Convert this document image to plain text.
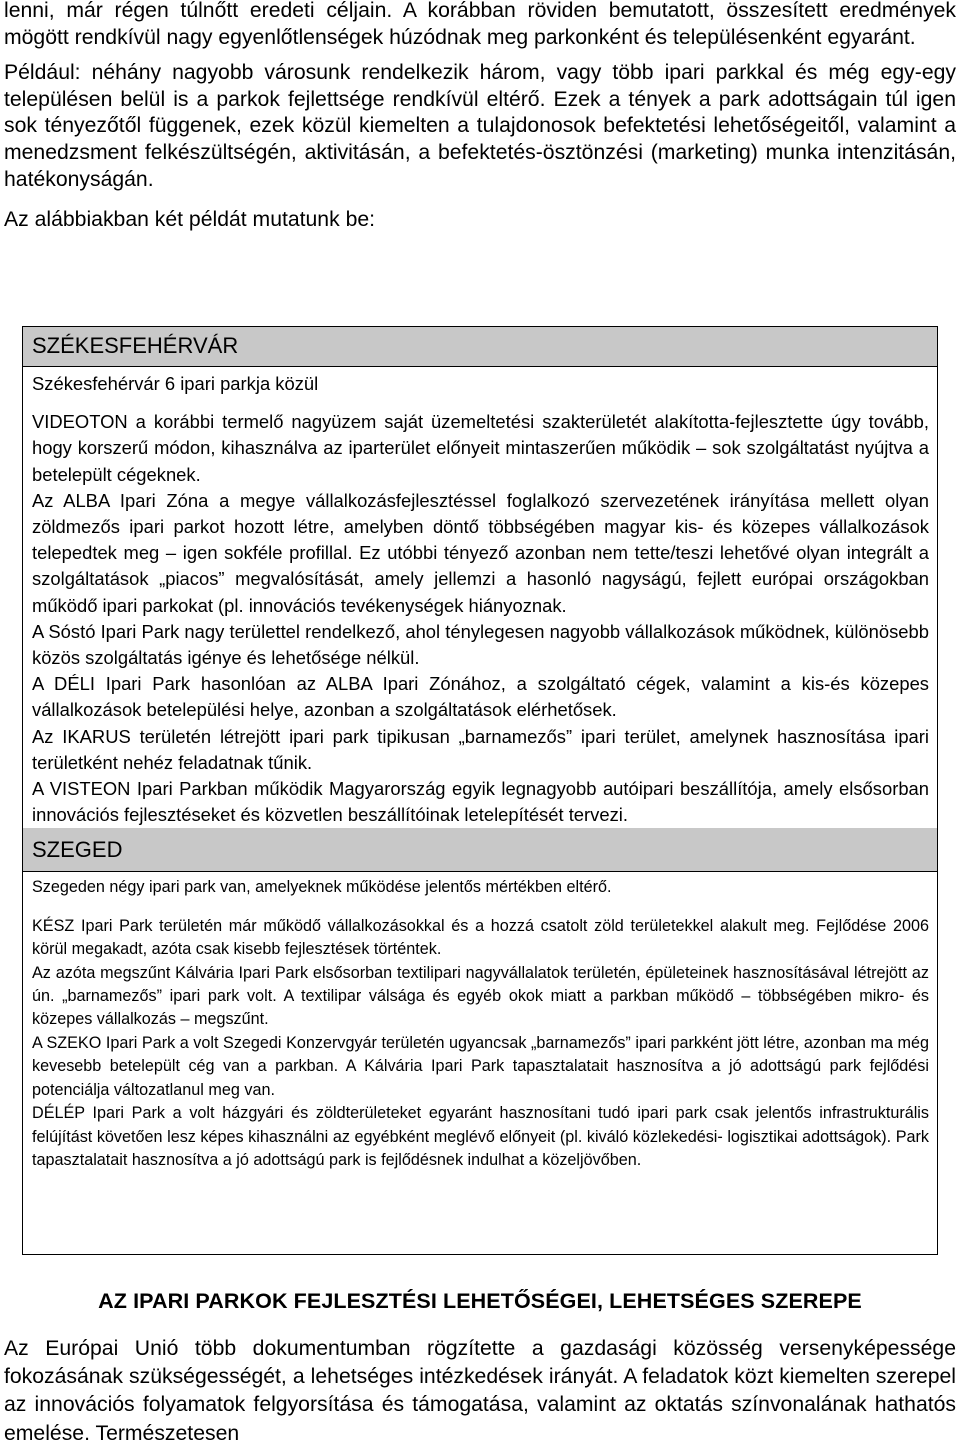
lenni, már régen túlnőtt eredeti céljain. A korábban röviden bemutatott, összesített eredmények mögött rendkívül nagy egyenlőtlenségek húzódnak meg parkonként és településenként egyaránt.

Például: néhány nagyobb városunk rendelkezik három, vagy több ipari parkkal és még egy-egy településen belül is a parkok fejlettsége rendkívül eltérő. Ezek a tények a park adottságain túl igen sok tényezőtől függenek, ezek közül kiemelten a tulajdonosok befektetési lehetőségeitől, valamint a menedzsment felkészültségén, aktivitásán, a befektetés-ösztönzési (marketing) munka intenzitásán, hatékonyságán.

Az alábbiakban két példát mutatunk be:

SZÉKESFEHÉRVÁR

Székesfehérvár 6 ipari parkja közül

VIDEOTON a korábbi termelő nagyüzem saját üzemeltetési szakterületét alakította-fejlesztette úgy tovább, hogy korszerű módon, kihasználva az iparterület előnyeit mintaszerűen működik – sok szolgáltatást nyújtva a betelepült cégeknek.

Az ALBA Ipari Zóna a megye vállalkozásfejlesztéssel foglalkozó szervezetének irányítása mellett olyan zöldmezős ipari parkot hozott létre, amelyben döntő többségében magyar kis- és közepes vállalkozások telepedtek meg – igen sokféle profillal. Ez utóbbi tényező azonban nem tette/teszi lehetővé olyan integrált a szolgáltatások „piacos” megvalósítását, amely jellemzi a hasonló nagyságú, fejlett európai országokban működő ipari parkokat (pl. innovációs tevékenységek hiányoznak.

A Sóstó Ipari Park nagy területtel rendelkező, ahol ténylegesen nagyobb vállalkozások működnek, különösebb közös szolgáltatás igénye és lehetősége nélkül.

A DÉLI Ipari Park hasonlóan az ALBA Ipari Zónához, a szolgáltató cégek, valamint a kis-és közepes vállalkozások betelepülési helye, azonban a szolgáltatások elérhetősek.

Az IKARUS területén létrejött ipari park tipikusan „barnamezős” ipari terület, amelynek hasznosítása ipari területként nehéz feladatnak tűnik.

A VISTEON Ipari Parkban működik Magyarország egyik legnagyobb autóipari beszállítója, amely elsősorban innovációs fejlesztéseket és közvetlen beszállítóinak letelepítését tervezi.

SZEGED

Szegeden négy ipari park van, amelyeknek működése jelentős mértékben eltérő.

KÉSZ Ipari Park területén már működő vállalkozásokkal és a hozzá csatolt zöld területekkel alakult meg. Fejlődése 2006 körül megakadt, azóta csak kisebb fejlesztések történtek.

Az azóta megszűnt Kálvária Ipari Park elsősorban textilipari nagyvállalatok területén, épületeinek hasznosításával létrejött az ún. „barnamezős” ipari park volt. A textilipar válsága és egyéb okok miatt a parkban működő – többségében mikro- és közepes vállalkozás – megszűnt.

A SZEKO Ipari Park a volt Szegedi Konzervgyár területén ugyancsak „barnamezős” ipari parkként jött létre, azonban ma még kevesebb betelepült cég van a parkban. A Kálvária Ipari Park tapasztalatait hasznosítva a jó adottságú park fejlődési potenciálja változatlanul meg van.

DÉLÉP Ipari Park a volt házgyári és zöldterületeket egyaránt hasznosítani tudó ipari park csak jelentős infrastrukturális felújítást követően lesz képes kihasználni az egyébként meglévő előnyeit (pl. kiváló közlekedési- logisztikai adottságok). Park tapasztalatait hasznosítva a jó adottságú park is fejlődésnek indulhat a közeljövőben.

AZ IPARI PARKOK FEJLESZTÉSI LEHETŐSÉGEI, LEHETSÉGES SZEREPE

Az Európai Unió több dokumentumban rögzítette a gazdasági közösség versenyképessége fokozásának szükségességét, a lehetséges intézkedések irányát. A feladatok közt kiemelten szerepel az innovációs folyamatok felgyorsítása és támogatása, valamint az oktatás színvonalának hathatós emelése. Természetesen
